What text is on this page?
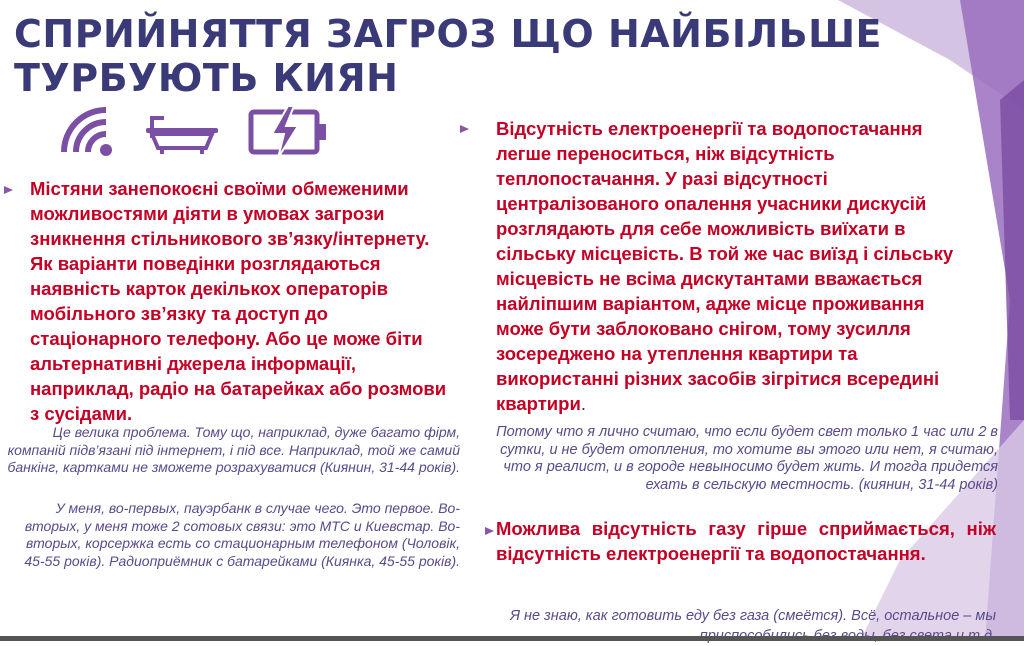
СПРИЙНЯТТЯ ЗАГРОЗ ЩО НАЙБІЛЬШЕ ТУРБУЮТЬ КИЯН
Містяни занепокоєні своїми обмеженими можливостями діяти в умовах загрози зникнення стільникового зв’язку/інтернету. Як варіанти поведінки розглядаються наявність карток декількох операторів мобільного зв’язку та доступ до стаціонарного телефону. Або це може біти альтернативні джерела інформації, наприклад, радіо на батарейках або розмови з сусідами.
Це велика проблема. Тому що, наприклад, дуже багато фірм, компаній підв’язані під інтернет, і під все. Наприклад, той же самий банкінг, картками не зможете розрахуватися (Киянин, 31-44 років).
У меня, во-первых, пауэрбанк в случае чего. Это первое. Во-вторых, у меня тоже 2 сотовых связи: это МТС и Киевстар. Во-вторых, корсержка есть со стационарным телефоном (Чоловік, 45-55 років). Радиоприёмник с батарейками (Киянка, 45-55 років).
Відсутність електроенергії та водопостачання легше переноситься, ніж відсутність теплопостачання. У разі відсутності централізованого опалення учасники дискусій розглядають для себе можливість виїхати в сільську місцевість. В той же час виїзд і сільську місцевість не всіма дискутантами вважається найліпшим варіантом, адже місце проживання може бути заблоковано снігом, тому зусилля зосереджено на утеплення квартири та використанні різних засобів зігрітися всередині квартири.
Потому что я лично считаю, что если будет свет только 1 час или 2 в сутки, и не будет отопления, то хотите вы этого или нет, я считаю, что я реалист, и в городе невыносимо будет жить. И тогда придется ехать в сельскую местность. (киянин, 31-44 років)
Можлива відсутність газу гірше сприймається, ніж відсутність електроенергії та водопостачання.
Я не знаю, как готовить еду без газа (смеётся). Всё, остальное – мы
